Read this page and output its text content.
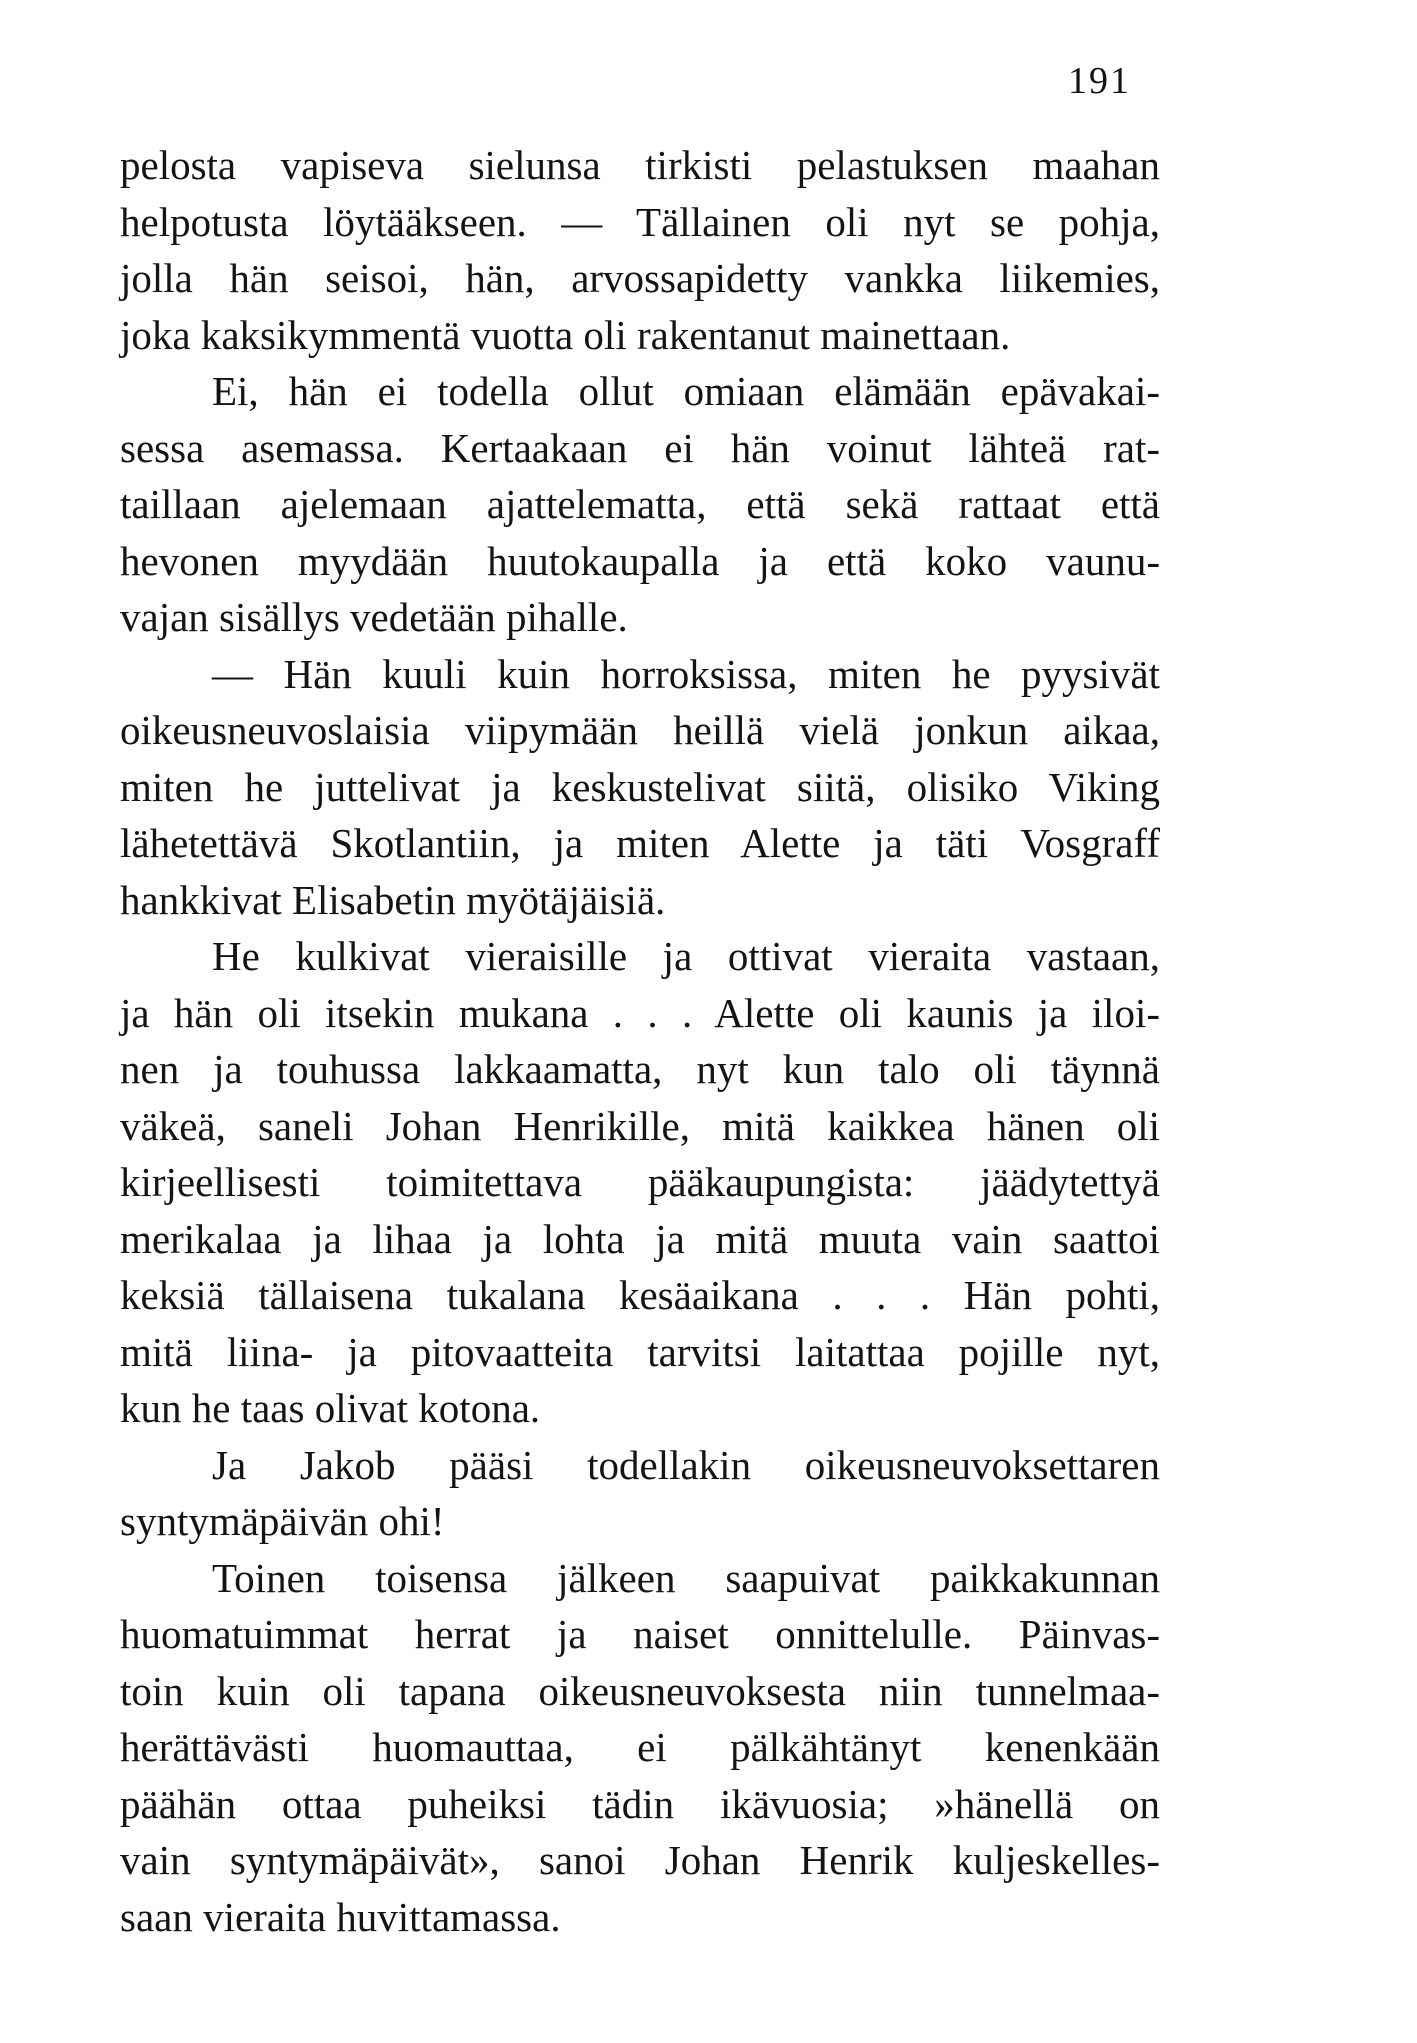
191
pelosta vapiseva sielunsa tirkisti pelastuksen maahan
helpotusta löytääkseen. — Tällainen oli nyt se pohja,
jolla hän seisoi, hän, arvossapidetty vankka liikemies,
joka kaksikymmentä vuotta oli rakentanut mainettaan.
Ei, hän ei todella ollut omiaan elämään epävakai-
sessa asemassa. Kertaakaan ei hän voinut lähteä rat-
taillaan ajelemaan ajattelematta, että sekä rattaat että
hevonen myydään huutokaupalla ja että koko vaunu-
vajan sisällys vedetään pihalle.
— Hän kuuli kuin horroksissa, miten he pyysivät
oikeusneuvoslaisia viipymään heillä vielä jonkun aikaa,
miten he juttelivat ja keskustelivat siitä, olisiko Viking
lähetettävä Skotlantiin, ja miten Alette ja täti Vosgraff
hankkivat Elisabetin myötäjäisiä.
He kulkivat vieraisille ja ottivat vieraita vastaan,
ja hän oli itsekin mukana . . . Alette oli kaunis ja iloi-
nen ja touhussa lakkaamatta, nyt kun talo oli täynnä
väkeä, saneli Johan Henrikille, mitä kaikkea hänen oli
kirjeellisesti toimitettava pääkaupungista: jäädytettyä
merikalaa ja lihaa ja lohta ja mitä muuta vain saattoi
keksiä tällaisena tukalana kesäaikana . . . Hän pohti,
mitä liina- ja pitovaatteita tarvitsi laitattaa pojille nyt,
kun he taas olivat kotona.
Ja Jakob pääsi todellakin oikeusneuvoksettaren
syntymäpäivän ohi!
Toinen toisensa jälkeen saapuivat paikkakunnan
huomatuimmat herrat ja naiset onnittelulle. Päinvas-
toin kuin oli tapana oikeusneuvoksesta niin tunnelmaa-
herättävästi huomauttaa, ei pälkähtänyt kenenkään
päähän ottaa puheiksi tädin ikävuosia; »hänellä on
vain syntymäpäivät», sanoi Johan Henrik kuljeskelles-
saan vieraita huvittamassa.
